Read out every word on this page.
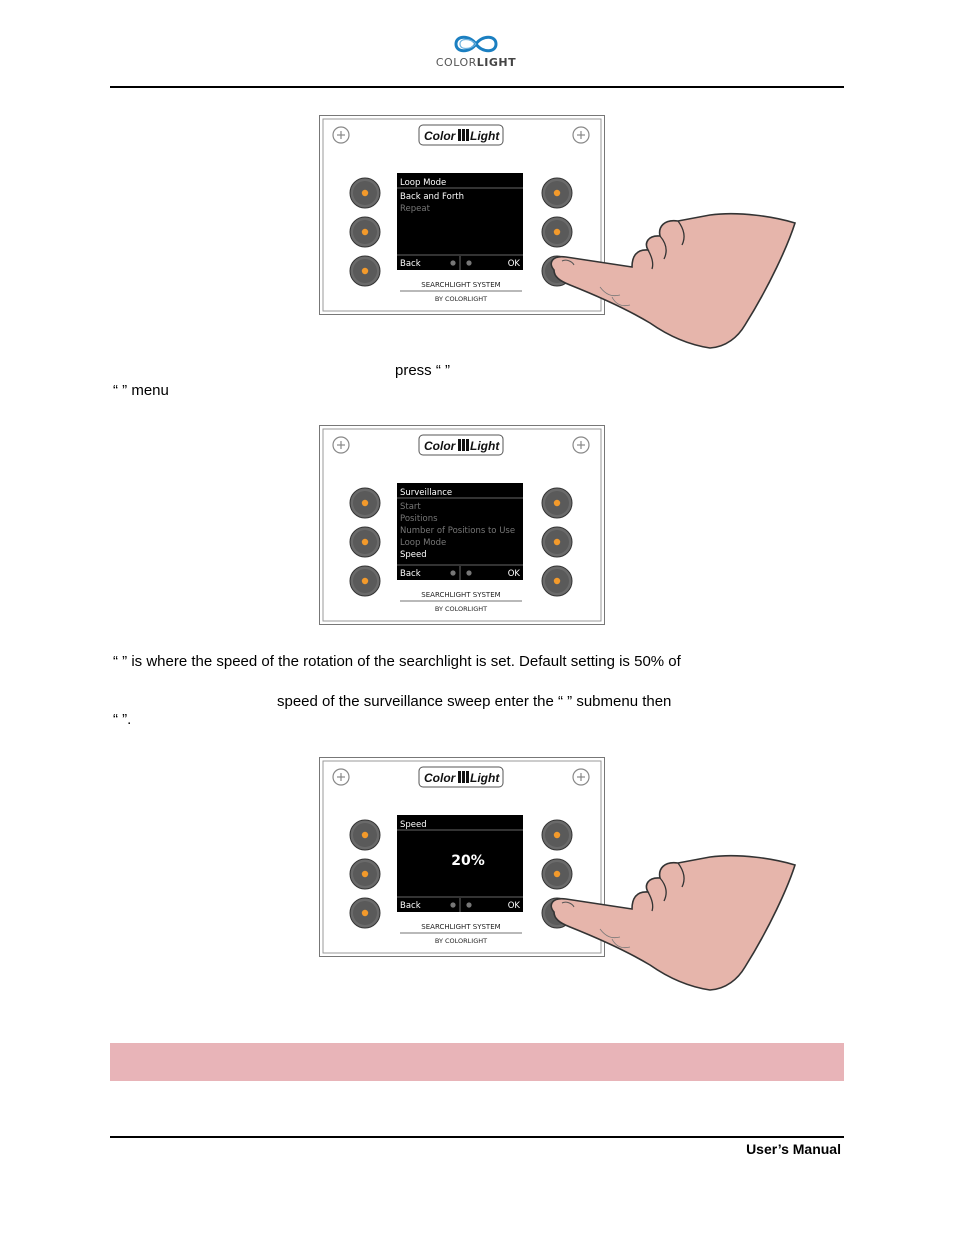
COLORLIGHT
Color Light
Loop Mode
Back and Forth
Repeat
Back	OK
SEARCHLIGHT SYSTEM
BY COLORLIGHT
press “ ”
“ ” menu
Color Light
Surveillance
Start
Positions
Number of Positions to Use
Loop Mode
Speed
Back	OK
SEARCHLIGHT SYSTEM
BY COLORLIGHT
“ ” is where the speed of the rotation of the searchlight is set. Default setting is 50% of
speed of the surveillance sweep enter the “ ” submenu then
“ ”.
Color Light
Speed
20%
Back	OK
SEARCHLIGHT SYSTEM
BY COLORLIGHT
User’s Manual
